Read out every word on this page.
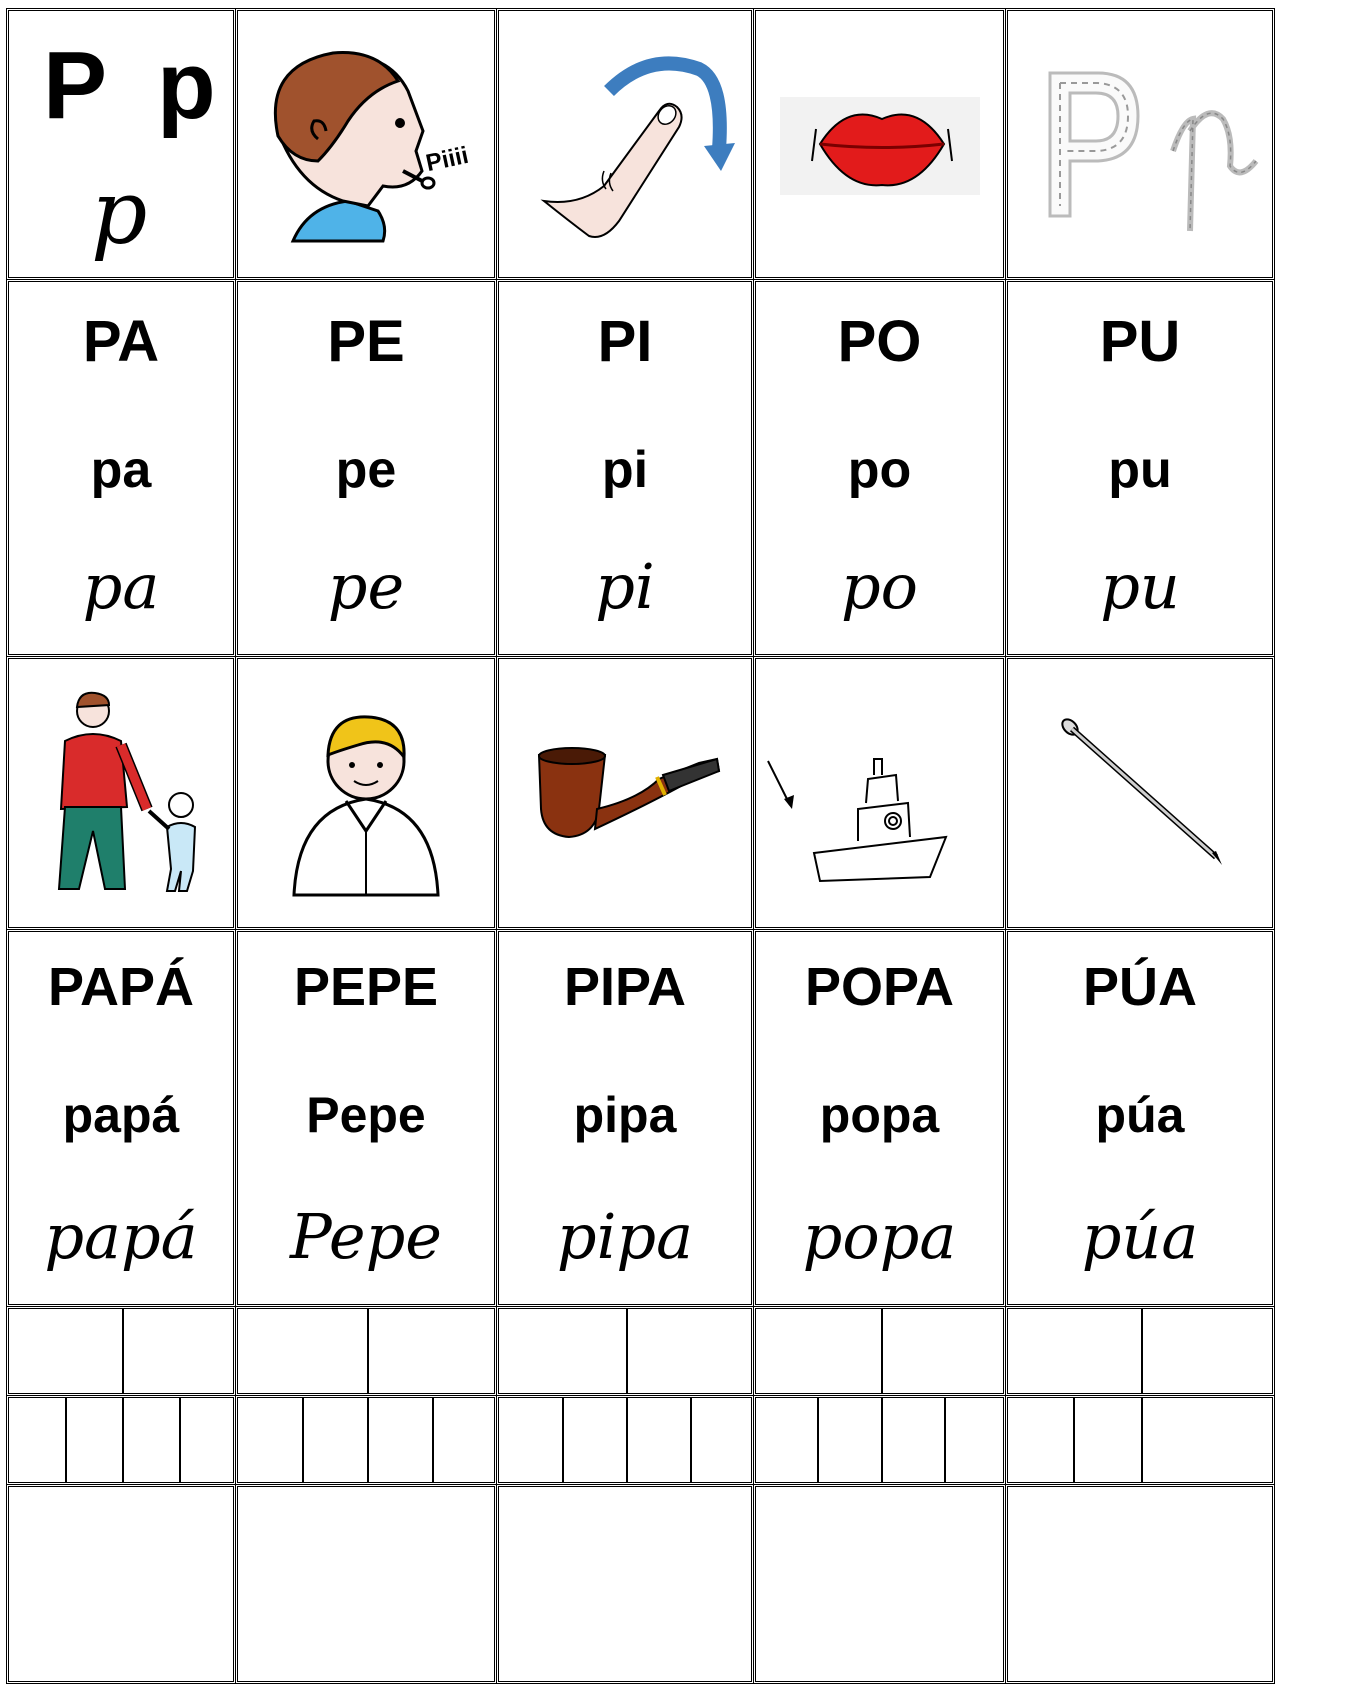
P p
p
Piiii
PA
pa
pa
PE
pe
pe
PI
pi
pi
PO
po
po
PU
pu
pu
PAPÁ
papá
papá
PEPE
Pepe
Pepe
PIPA
pipa
pipa
POPA
popa
popa
PÚA
púa
púa
